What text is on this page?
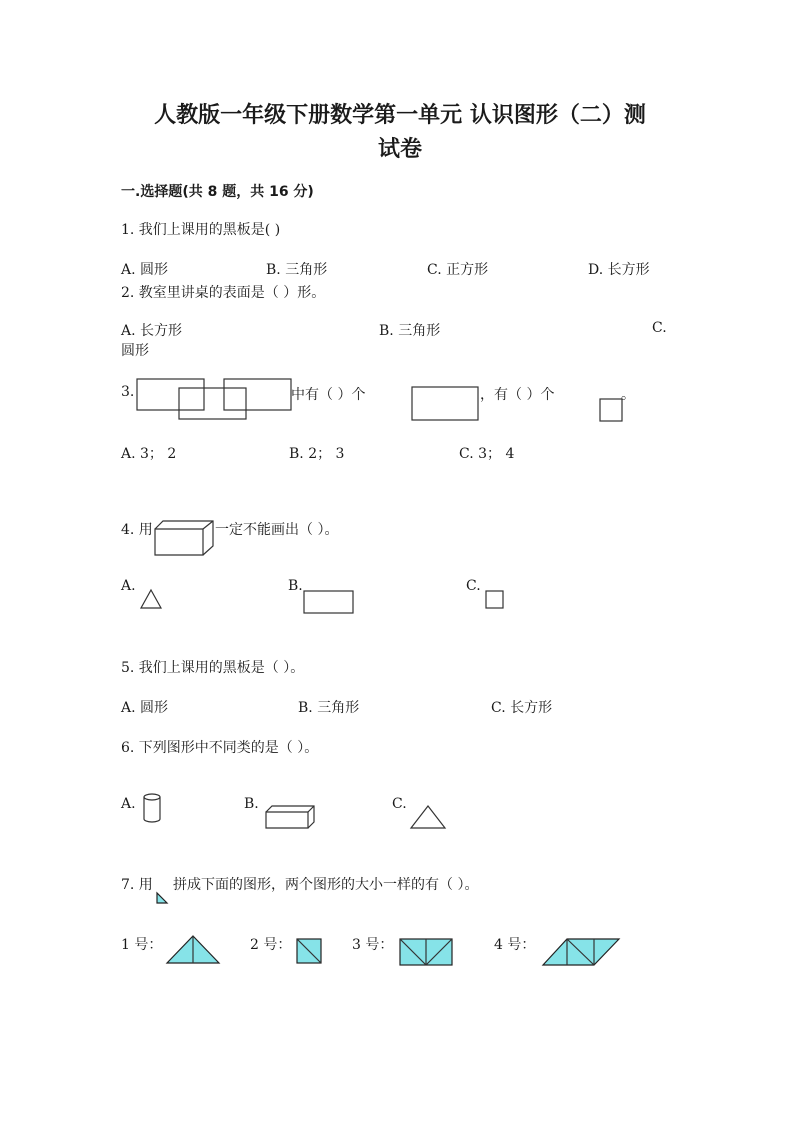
人教版一年级下册数学第一单元 认识图形（二）测
试卷
一.选择题(共 8 题，共 16 分)
1. 我们上课用的黑板是( )
A. 圆形	B. 三角形	C. 正方形	D. 长方形
2. 教室里讲桌的表面是（ ）形。
A. 长方形	B. 三角形	C.
圆形
3.	中有（ ）个	，有（ ）个	。
A. 3； 2	B. 2； 3	C. 3； 4
4. 用	一定不能画出（ ）。
A.	B.	C.
5. 我们上课用的黑板是（ ）。
A. 圆形	B. 三角形	C. 长方形
6. 下列图形中不同类的是（ ）。
A.	B.	C.
7. 用 拼成下面的图形，两个图形的大小一样的有（ ）。
1 号：	2 号：	3 号：	4 号：
